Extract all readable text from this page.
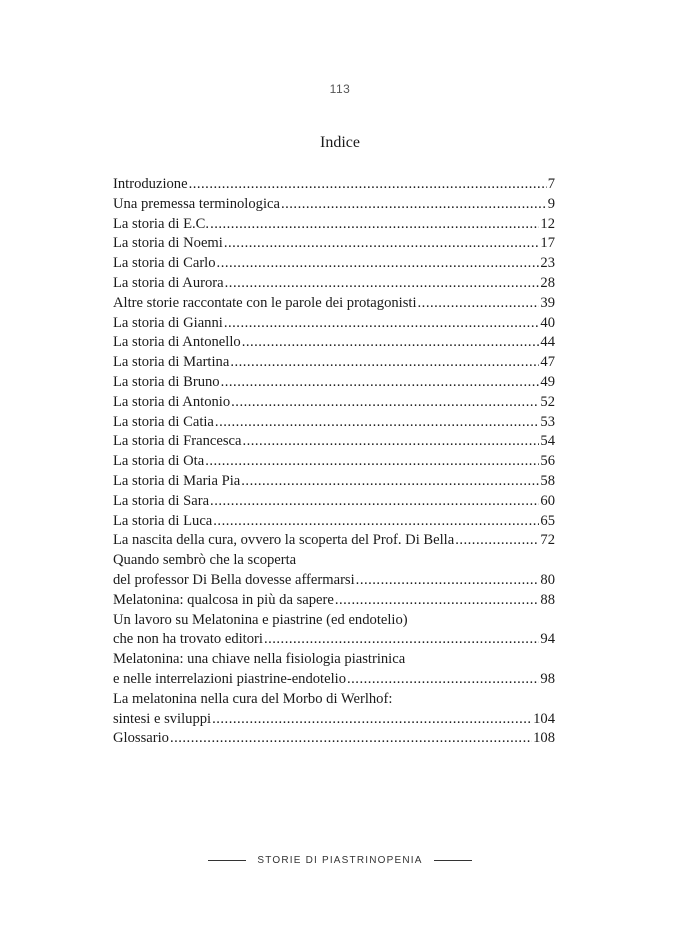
113
Indice
Introduzione .....	7
Una premessa terminologica .....	9
La storia di E.C. .....	12
La storia di Noemi .....	17
La storia di Carlo .....	23
La storia di Aurora .....	28
Altre storie raccontate con le parole dei protagonisti .....	39
La storia di Gianni .....	40
La storia di Antonello .....	44
La storia di Martina .....	47
La storia di Bruno .....	49
La storia di Antonio .....	52
La storia di Catia .....	53
La storia di Francesca .....	54
La storia di Ota .....	56
La storia di Maria Pia .....	58
La storia di Sara .....	60
La storia di Luca .....	65
La nascita della cura, ovvero la scoperta del Prof. Di Bella .....	72
Quando sembrò che la scoperta
del professor Di Bella dovesse affermarsi .....	80
Melatonina: qualcosa in più da sapere .....	88
Un lavoro su Melatonina e piastrine (ed endotelio)
che non ha trovato editori .....	94
Melatonina: una chiave nella fisiologia piastrinica
e nelle interrelazioni piastrine-endotelio .....	98
La melatonina nella cura del Morbo di Werlhof:
sintesi e sviluppi .....	104
Glossario .....	108
STORIE DI PIASTRINOPENIA
